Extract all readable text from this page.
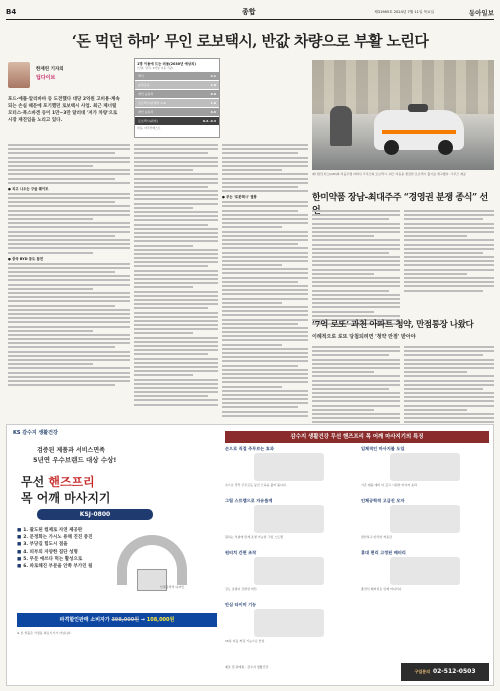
B4	종합	제31985호 2024년 7월 11일 목요일	동아일보
‘돈 먹던 하마’ 무인 로보택시, 반값 차량으로 부활 노린다
한재린 기자의
딥다이브
포드·애플·알리바바 등 도전했다 대당 2억원 고비용·계속되는 손실 때문에 포기했던 로보택시 사업. 최근 제너럴모터스·폭스바겐 등이 1만~3만 달러대 '저가 차량'으로 시장 재진입을 노리고 있다.
1명 이용에 드는 비용(2030년 예상치)
(단위: 달러, 1마일 이용 기준)
택시	2.1
승차공유	1.8
개인 승용차	0.8
로보택시(운영비 1.0)	1.0
개인 승용차	0.6
로보택시(최저)	0.2~0.3
자료: 아크인베스트
제너럴모터스(GM)의 자율주행 자회사 크루즈의 로보택시. 최근 비용을 절감한 로보택시 출시를 예고했다. 크루즈 제공
● 치고 나오는 구글 웨이모
● 중국 BYD 등도 참전
● 부는 '로봇택시' 열풍	한미약품 장남-최대주주 “경영권 분쟁 종식” 선
‘7억 로또’ 과천 아파트 청약, 만점통장 나왔다
이례적으로 로또 당첨되려면 '청약 만점' 받아야
KS 감수지 생활건강
검증된 제품과 서비스면족
5년연 우수브랜드 대상 수상!
무선 핸즈프리
목 어깨 마사지기
KSJ-0800
■ 1. 괄도된 컬제로 자연 제공판
■ 2. 문정화는 가시노 용해 진진 중진
■ 3. 부당길 힘도시 점을
■ 4. 피부의 자양한 집단 성형
■ 5. 무문 애쓰다 먹는 활성으로
■ 6. 파로해진 부분을 안쪽 부가인 됨
인체공학적 디자인
파격할인판매 소비자가 398,000원 → 108,000원
※ 본 상품은 가정용 의료기기가 아닙니다.
감수지 생활건강 무선 핸즈프리 목 어깨 마사지기의 특징
손으로 직접 주무르는 효과
손으로 꾹꾹 주무르듯 뭉친 근육을 풀어 줍니다.
입체적인 마사지볼 도입
기존 제품 대비 더 깊고 시원한 마사지 효과
그립 스트랩으로 자유롭게
원하는 부위에 맞게 조절 가능한 그립 스트랩
인체공학적 고급진 모자
편안하고 안락한 착용감
원터치 간편 조작
강도 조절이 간편한 버튼
휴대 편리 고정된 배터리
충전식 배터리로 언제 어디서나
안심 타이머 기능
15분 자동 꺼짐 기능으로 안심
제조 및 판매원 : 감수지 생활건강
구입문의 02-512-0503
